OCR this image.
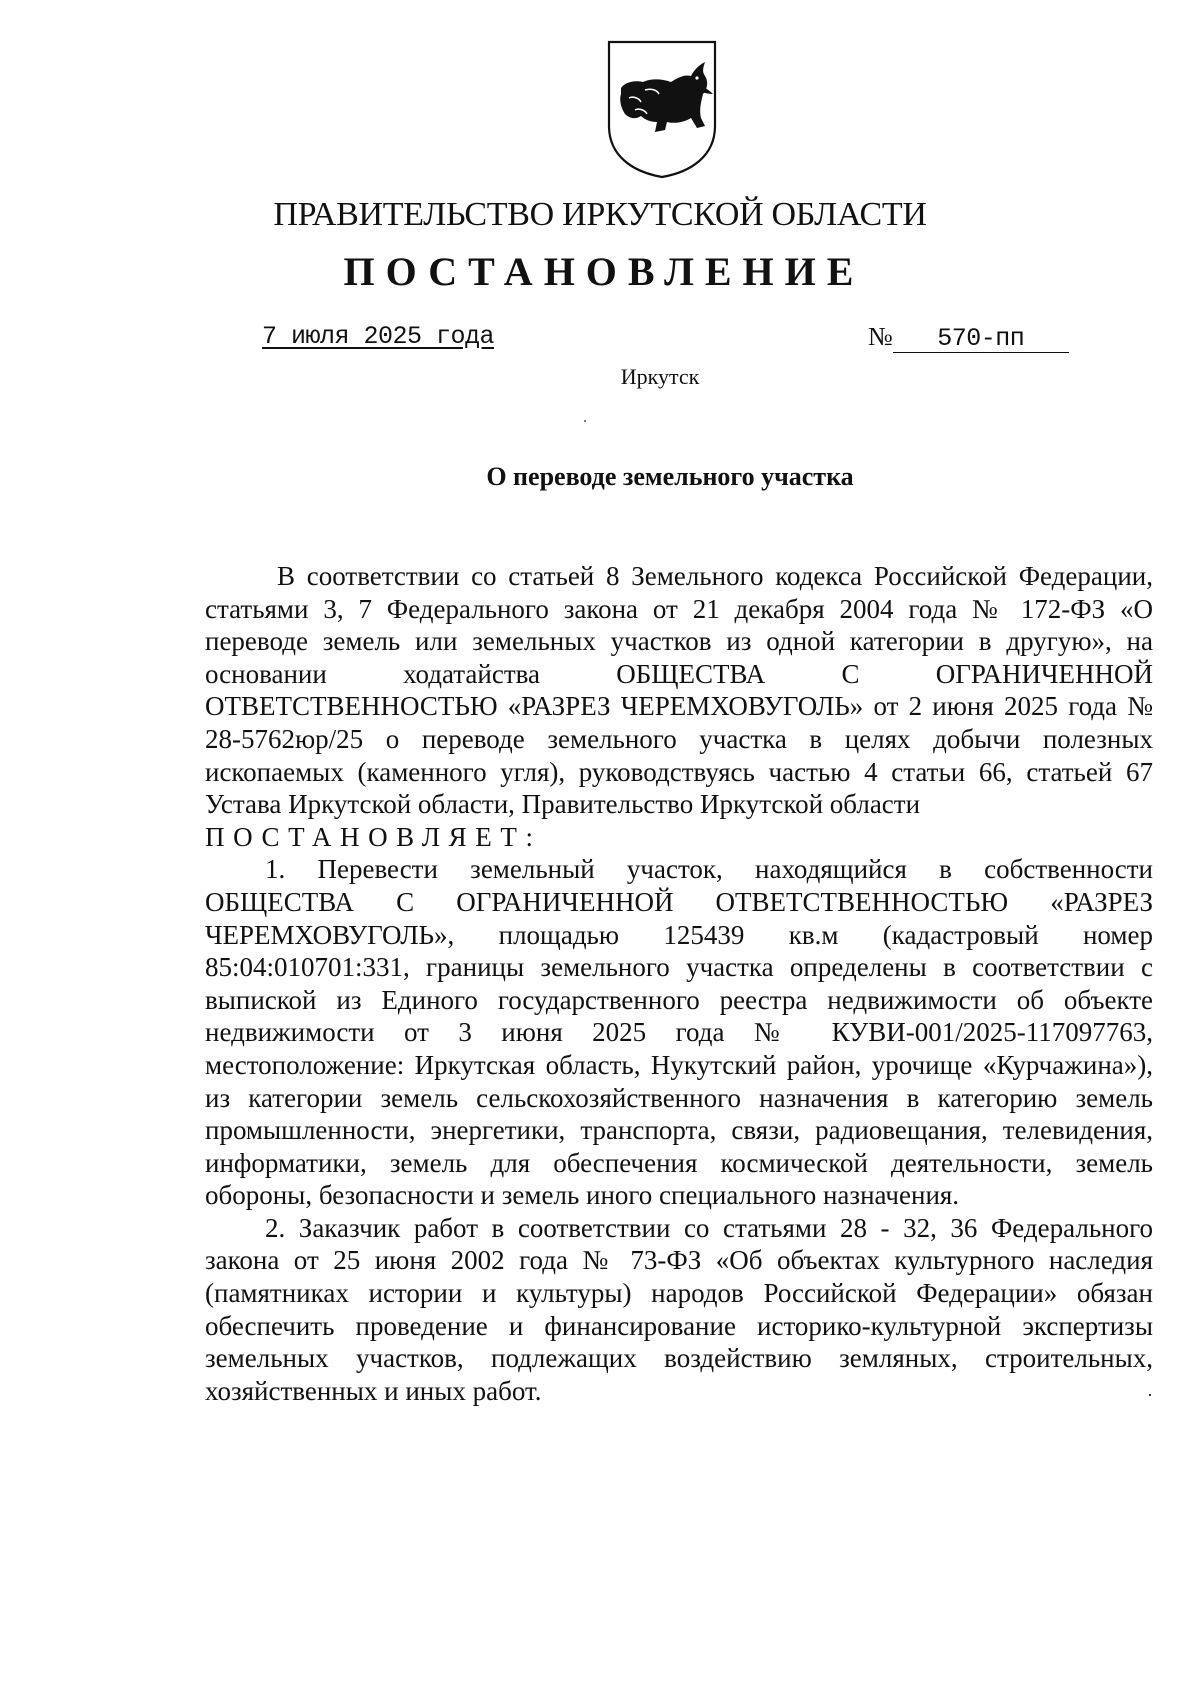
ПРАВИТЕЛЬСТВО ИРКУТСКОЙ ОБЛАСТИ
ПОСТАНОВЛЕНИЕ
7 июля 2025 года	№	570-пп
Иркутск
О переводе земельного участка

В соответствии со статьей 8 Земельного кодекса Российской Федерации, статьями 3, 7 Федерального закона от 21 декабря 2004 года № 172-ФЗ «О переводе земель или земельных участков из одной категории в другую», на основании ходатайства ОБЩЕСТВА С ОГРАНИЧЕННОЙ ОТВЕТСТВЕННОСТЬЮ «РАЗРЕЗ ЧЕРЕМХОВУГОЛЬ» от 2 июня 2025 года № 28-5762юр/25 о переводе земельного участка в целях добычи полезных ископаемых (каменного угля), руководствуясь частью 4 статьи 66, статьей 67 Устава Иркутской области, Правительство Иркутской области

ПОСТАНОВЛЯЕТ:

1. Перевести земельный участок, находящийся в собственности ОБЩЕСТВА С ОГРАНИЧЕННОЙ ОТВЕТСТВЕННОСТЬЮ «РАЗРЕЗ ЧЕРЕМХОВУГОЛЬ», площадью 125439 кв.м (кадастровый номер 85:04:010701:331, границы земельного участка определены в соответствии с выпиской из Единого государственного реестра недвижимости об объекте недвижимости от 3 июня 2025 года № КУВИ-001/2025-117097763, местоположение: Иркутская область, Нукутский район, урочище «Курчажина»), из категории земель сельскохозяйственного назначения в категорию земель промышленности, энергетики, транспорта, связи, радиовещания, телевидения, информатики, земель для обеспечения космической деятельности, земель обороны, безопасности и земель иного специального назначения.

2. Заказчик работ в соответствии со статьями 28 - 32, 36 Федерального закона от 25 июня 2002 года № 73-ФЗ «Об объектах культурного наследия (памятниках истории и культуры) народов Российской Федерации» обязан обеспечить проведение и финансирование историко-культурной экспертизы земельных участков, подлежащих воздействию земляных, строительных, хозяйственных и иных работ.
